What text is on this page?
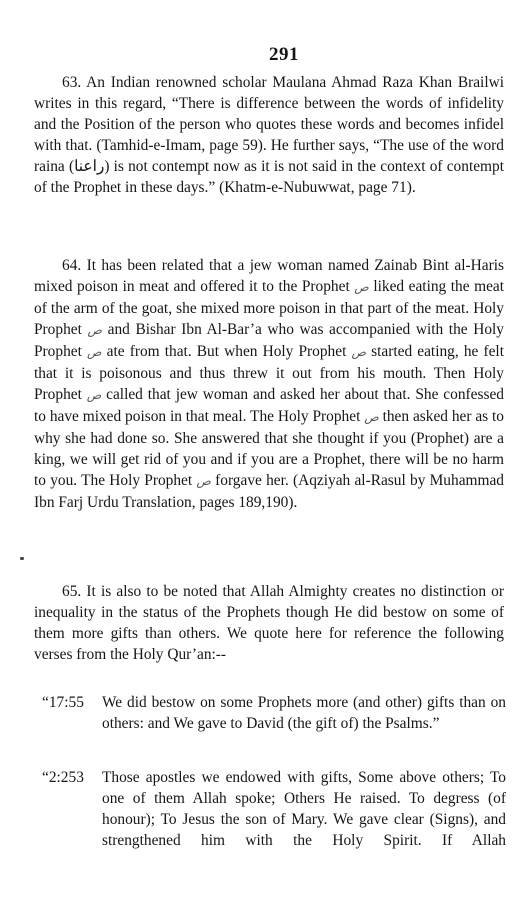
291

63. An Indian renowned scholar Maulana Ahmad Raza Khan Brailwi writes in this regard, “There is difference between the words of infidelity and the Position of the person who quotes these words and becomes infidel with that. (Tamhid-e-Imam, page 59). He further says, “The use of the word raina (راعنا) is not contempt now as it is not said in the context of contempt of the Prophet in these days.” (Khatm-e-Nubuwwat, page 71).

64. It has been related that a jew woman named Zainab Bint al-Haris mixed poison in meat and offered it to the Prophet ص liked eating the meat of the arm of the goat, she mixed more poison in that part of the meat. Holy Prophet ص and Bishar Ibn Al-Bar’a who was accompanied with the Holy Prophet ص ate from that. But when Holy Prophet ص started eating, he felt that it is poisonous and thus threw it out from his mouth. Then Holy Prophet ص called that jew woman and asked her about that. She confessed to have mixed poison in that meal. The Holy Prophet ص then asked her as to why she had done so. She answered that she thought if you (Prophet) are a king, we will get rid of you and if you are a Prophet, there will be no harm to you. The Holy Prophet ص forgave her. (Aqziyah al-Rasul by Muhammad Ibn Farj Urdu Translation, pages 189,190).

65. It is also to be noted that Allah Almighty creates no distinction or inequality in the status of the Prophets though He did bestow on some of them more gifts than others. We quote here for reference the following verses from the Holy Qur’an:--

“17:55	We did bestow on some Prophets more (and other) gifts than on others: and We gave to David (the gift of) the Psalms.”
“2:253	Those apostles we endowed with gifts, Some above others; To one of them Allah spoke; Others He raised. To degress (of honour); To Jesus the son of Mary. We gave clear (Signs), and strengthened him with the Holy Spirit. If Allah
